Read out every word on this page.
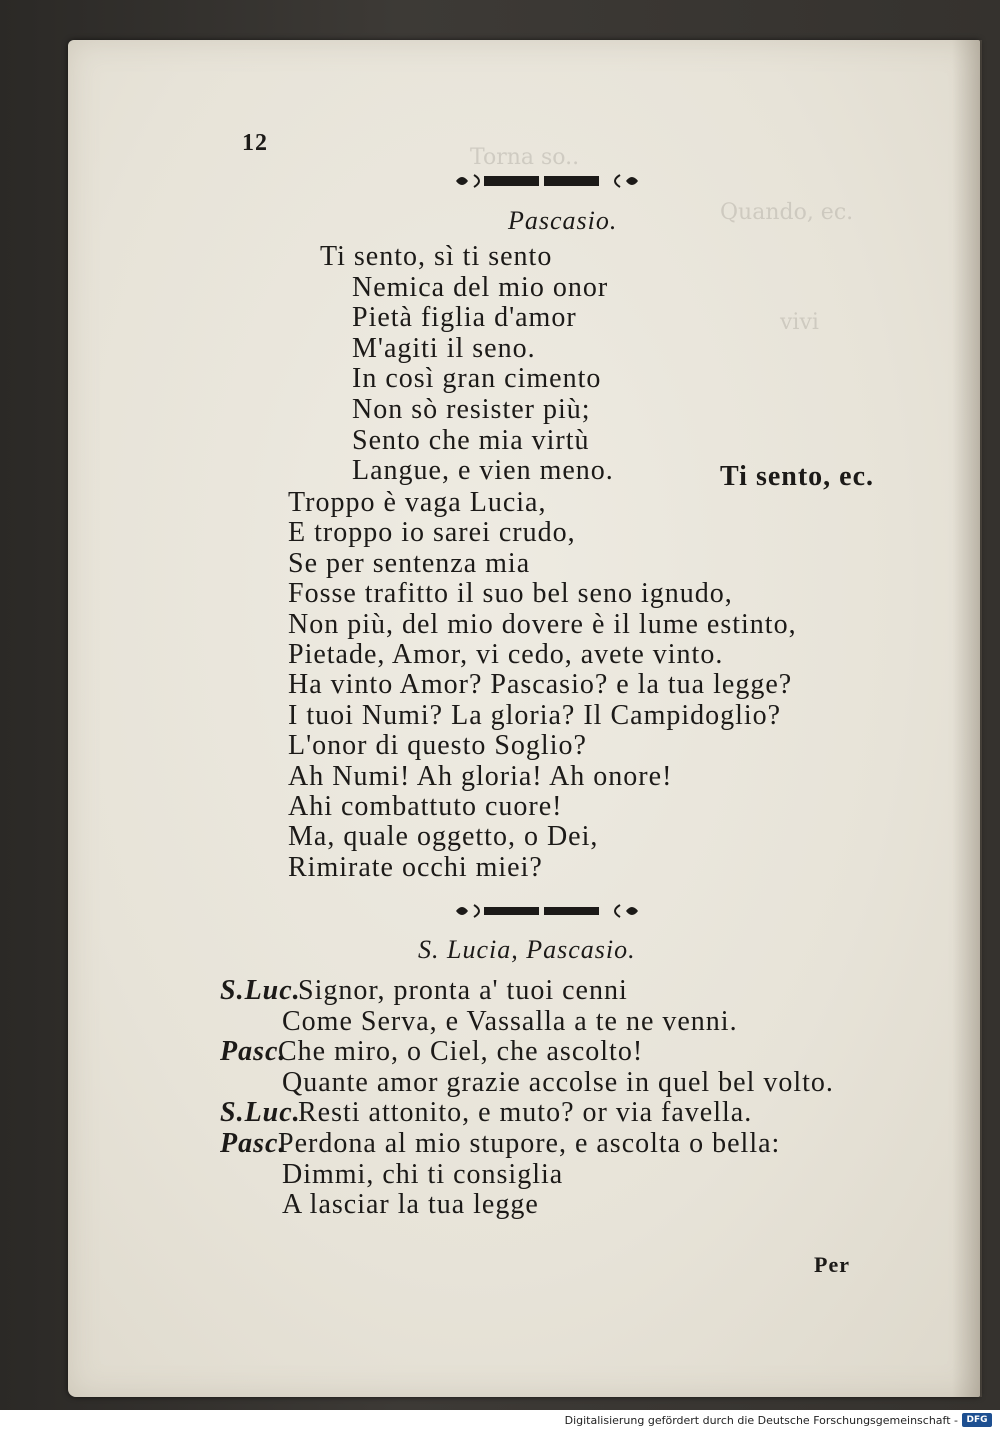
Torna so..
Quando, ec.
vivi
12
Pascasio.
Ti sento, sì ti sento
Nemica del mio onor
Pietà figlia d'amor
M'agiti il seno.
In così gran cimento
Non sò resister più;
Sento che mia virtù
Langue, e vien meno.	Ti sento, ec.
Troppo è vaga Lucia,
E troppo io sarei crudo,
Se per sentenza mia
Fosse trafitto il suo bel seno ignudo,
Non più, del mio dovere è il lume estinto,
Pietade, Amor, vi cedo, avete vinto.
Ha vinto Amor? Pascasio? e la tua legge?
I tuoi Numi? La gloria? Il Campidoglio?
L'onor di questo Soglio?
Ah Numi! Ah gloria! Ah onore!
Ahi combattuto cuore!
Ma, quale oggetto, o Dei,
Rimirate occhi miei?
S. Lucia, Pascasio.
S.Luc.
Signor, pronta a' tuoi cenni
Come Serva, e Vassalla a te ne venni.
Pasc.
Che miro, o Ciel, che ascolto!
Quante amor grazie accolse in quel bel volto.
S.Luc.
Resti attonito, e muto? or via favella.
Pasc.
Perdona al mio stupore, e ascolta o bella:
Dimmi, chi ti consiglia
A lasciar la tua legge
Per
Digitalisierung gefördert durch die Deutsche Forschungsgemeinschaft - DFG
